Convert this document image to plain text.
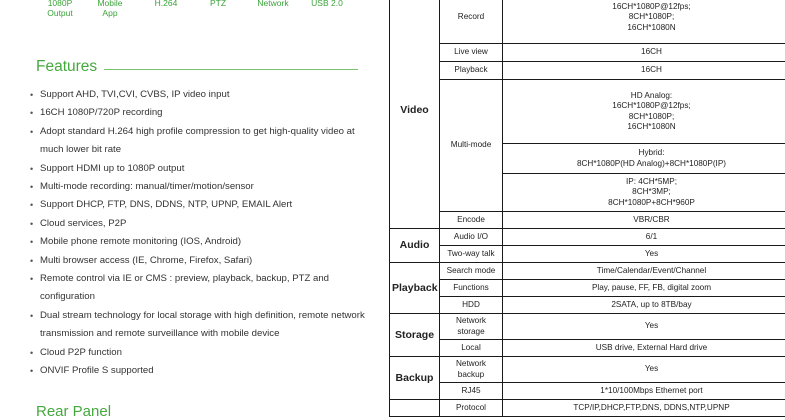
1080P
Output
Mobile
App
H.264	PTZ	Network	USB 2.0
Features
• Support AHD, TVI,CVI, CVBS, IP video input
• 16CH 1080P/720P recording
• Adopt standard H.264 high profile compression to get high-quality video at much lower bit rate
• Support HDMI up to 1080P output
• Multi-mode recording: manual/timer/motion/sensor
• Support DHCP, FTP, DNS, DDNS, NTP, UPNP, EMAIL Alert
• Cloud services, P2P
• Mobile phone remote monitoring (IOS, Android)
• Multi browser access (IE, Chrome, Firefox, Safari)
• Remote control via IE or CMS : preview, playback, backup, PTZ and configuration
• Dual stream technology for local storage with high definition, remote network transmission and remote surveillance with mobile device
• Cloud P2P function
• ONVIF Profile S supported
Rear Panel
Video	Record	16CH*1080P@12fps;
8CH*1080P;
16CH*1080N
	Live view	16CH
	Playback	16CH
	Multi-mode	HD Analog:
16CH*1080P@12fps;
8CH*1080P;
16CH*1080N
		Hybrid:
8CH*1080P(HD Analog)+8CH*1080P(IP)
		IP: 4CH*5MP;
8CH*3MP;
8CH*1080P+8CH*960P
	Encode	VBR/CBR
Audio	Audio I/O	6/1
	Two-way talk	Yes
Playback	Search mode	Time/Calendar/Event/Channel
	Functions	Play, pause, FF, FB, digital zoom
	HDD	2SATA, up to 8TB/bay
Storage	Network
storage	Yes
	Local	USB drive, External Hard drive
Backup	Network
backup	Yes
	RJ45	1*10/100Mbps Ethernet port
	Protocol	TCP/IP,DHCP,FTP,DNS, DDNS,NTP,UPNP
